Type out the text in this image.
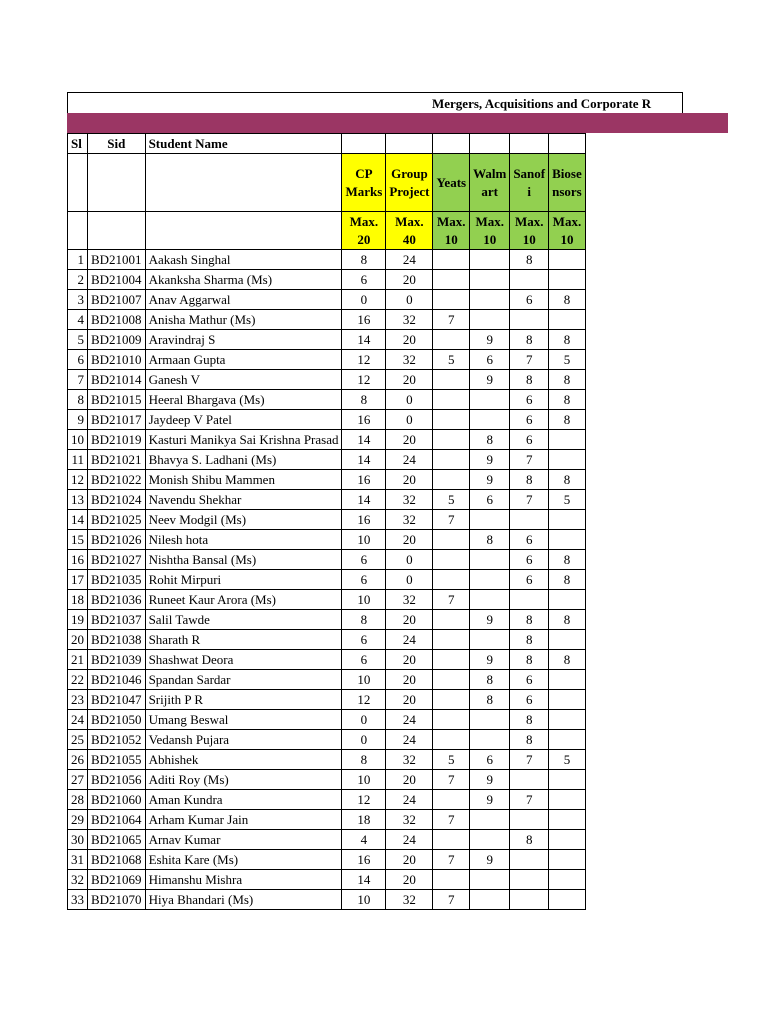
Mergers, Acquisitions and Corporate R
Sl	Sid	Student Name						
			CP Marks	Group Project	Yeats	Walm art	Sanof i	Biose nsors
			Max. 20	Max. 40	Max. 10	Max. 10	Max. 10	Max. 10
1	BD21001	Aakash Singhal	8	24			8	
2	BD21004	Akanksha Sharma (Ms)	6	20				
3	BD21007	Anav Aggarwal	0	0			6	8
4	BD21008	Anisha Mathur (Ms)	16	32	7			
5	BD21009	Aravindraj S	14	20		9	8	8
6	BD21010	Armaan Gupta	12	32	5	6	7	5
7	BD21014	Ganesh V	12	20		9	8	8
8	BD21015	Heeral Bhargava (Ms)	8	0			6	8
9	BD21017	Jaydeep V Patel	16	0			6	8
10	BD21019	Kasturi Manikya Sai Krishna Prasad	14	20		8	6	
11	BD21021	Bhavya S. Ladhani (Ms)	14	24		9	7	
12	BD21022	Monish Shibu Mammen	16	20		9	8	8
13	BD21024	Navendu Shekhar	14	32	5	6	7	5
14	BD21025	Neev Modgil (Ms)	16	32	7			
15	BD21026	Nilesh hota	10	20		8	6	
16	BD21027	Nishtha Bansal (Ms)	6	0			6	8
17	BD21035	Rohit Mirpuri	6	0			6	8
18	BD21036	Runeet Kaur Arora (Ms)	10	32	7			
19	BD21037	Salil Tawde	8	20		9	8	8
20	BD21038	Sharath R	6	24			8	
21	BD21039	Shashwat Deora	6	20		9	8	8
22	BD21046	Spandan Sardar	10	20		8	6	
23	BD21047	Srijith P R	12	20		8	6	
24	BD21050	Umang Beswal	0	24			8	
25	BD21052	Vedansh Pujara	0	24			8	
26	BD21055	Abhishek	8	32	5	6	7	5
27	BD21056	Aditi Roy (Ms)	10	20	7	9		
28	BD21060	Aman Kundra	12	24		9	7	
29	BD21064	Arham Kumar Jain	18	32	7			
30	BD21065	Arnav Kumar	4	24			8	
31	BD21068	Eshita Kare (Ms)	16	20	7	9		
32	BD21069	Himanshu Mishra	14	20				
33	BD21070	Hiya Bhandari (Ms)	10	32	7			
